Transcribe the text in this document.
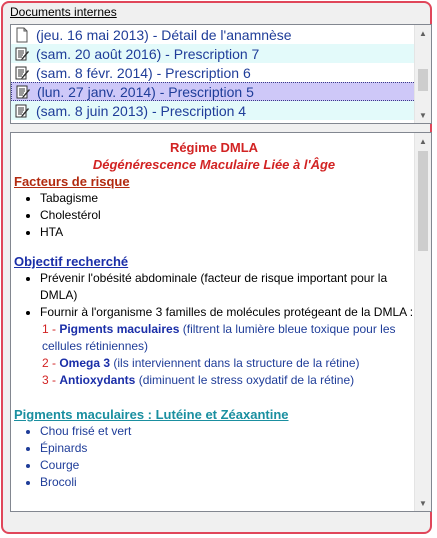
Documents internes
(jeu. 16 mai 2013) - Détail de l'anamnèse
(sam. 20 août 2016) - Prescription 7
(sam. 8 févr. 2014) - Prescription 6
(lun. 27 janv. 2014) - Prescription 5
(sam. 8 juin 2013) - Prescription 4
▲
▼
Régime DMLA
Dégénérescence Maculaire Liée à l'Âge
Facteurs de risque
• Tabagisme
• Cholestérol
• HTA
Objectif recherché
• Prévenir l'obésité abdominale (facteur de risque important pour la DMLA)
• Fournir à l'organisme 3 familles de molécules protégeant de la DMLA :
1 - Pigments maculaires (filtrent la lumière bleue toxique pour les cellules rétiniennes)
2 - Omega 3 (ils interviennent dans la structure de la rétine)
3 - Antioxydants (diminuent le stress oxydatif de la rétine)
Pigments maculaires : Lutéine et Zéaxantine
• Chou frisé et vert
• Épinards
• Courge
• Brocoli
▲
▼
